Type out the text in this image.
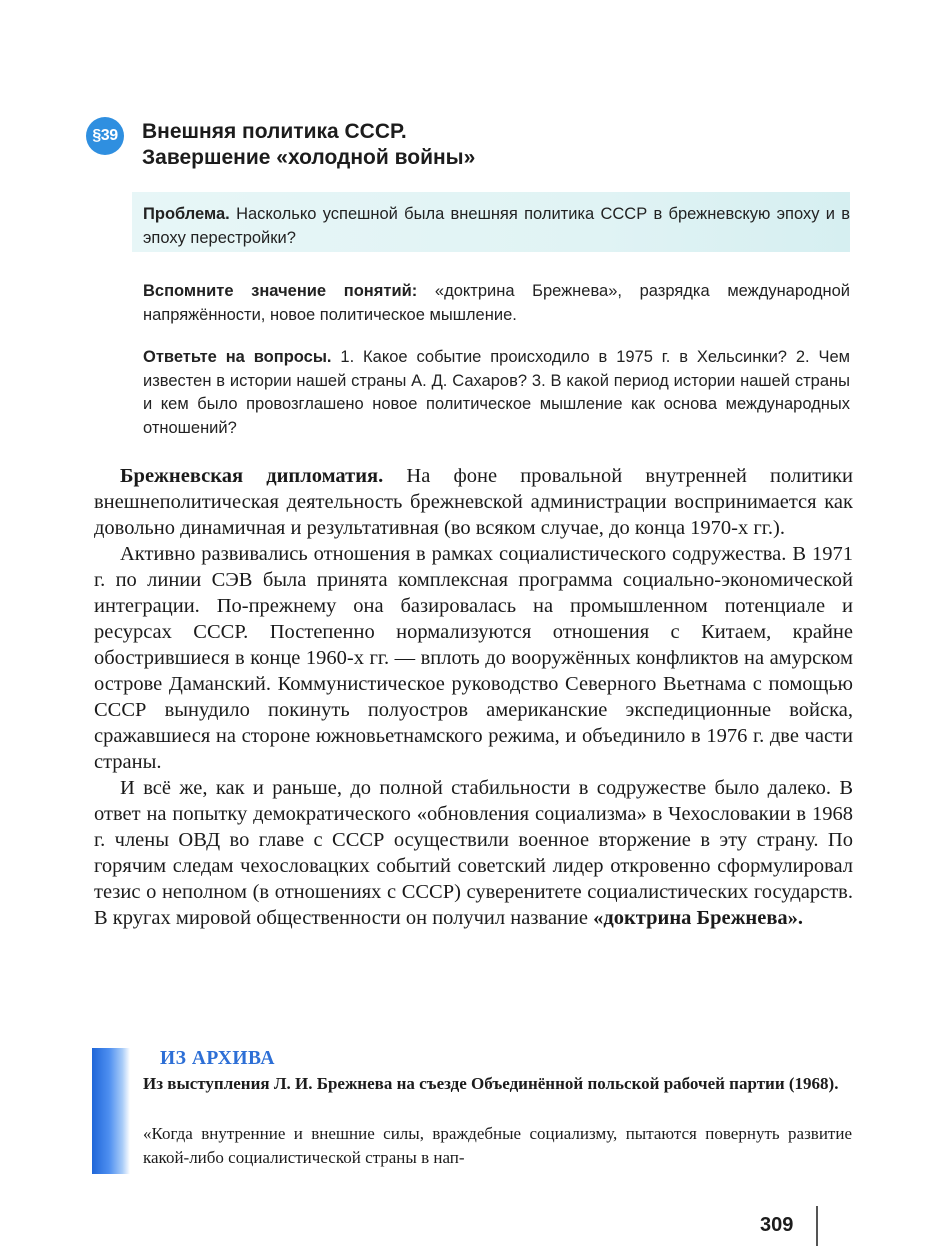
§39	Внешняя политика СССР.
Завершение «холодной войны»
Проблема. Насколько успешной была внешняя политика СССР в брежневскую эпоху и в эпоху перестройки?
Вспомните значение понятий: «доктрина Брежнева», разрядка международной напряжённости, новое политическое мышление.
Ответьте на вопросы. 1. Какое событие происходило в 1975 г. в Хельсинки? 2. Чем известен в истории нашей страны А. Д. Сахаров? 3. В какой период истории нашей страны и кем было провозглашено новое политическое мышление как основа международных отношений?

Брежневская дипломатия. На фоне провальной внутренней политики внешнеполитическая деятельность брежневской администрации воспринимается как довольно динамичная и результативная (во всяком случае, до конца 1970-х гг.).

Активно развивались отношения в рамках социалистического содружества. В 1971 г. по линии СЭВ была принята комплексная программа социально-экономической интеграции. По-прежнему она базировалась на промышленном потенциале и ресурсах СССР. Постепенно нормализуются отношения с Китаем, крайне обострившиеся в конце 1960-х гг. — вплоть до вооружённых конфликтов на амурском острове Даманский. Коммунистическое руководство Северного Вьетнама с помощью СССР вынудило покинуть полуостров американские экспедиционные войска, сражавшиеся на стороне южновьетнамского режима, и объединило в 1976 г. две части страны.

И всё же, как и раньше, до полной стабильности в содружестве было далеко. В ответ на попытку демократического «обновления социализма» в Чехословакии в 1968 г. члены ОВД во главе с СССР осуществили военное вторжение в эту страну. По горячим следам чехословацких событий советский лидер откровенно сформулировал тезис о неполном (в отношениях с СССР) суверенитете социалистических государств. В кругах мировой общественности он получил название «доктрина Брежнева».

ИЗ АРХИВА
Из выступления Л. И. Брежнева на съезде Объединённой польской рабочей партии (1968).
«Когда внутренние и внешние силы, враждебные социализму, пытаются повернуть развитие какой-либо социалистической страны в нап-
309
